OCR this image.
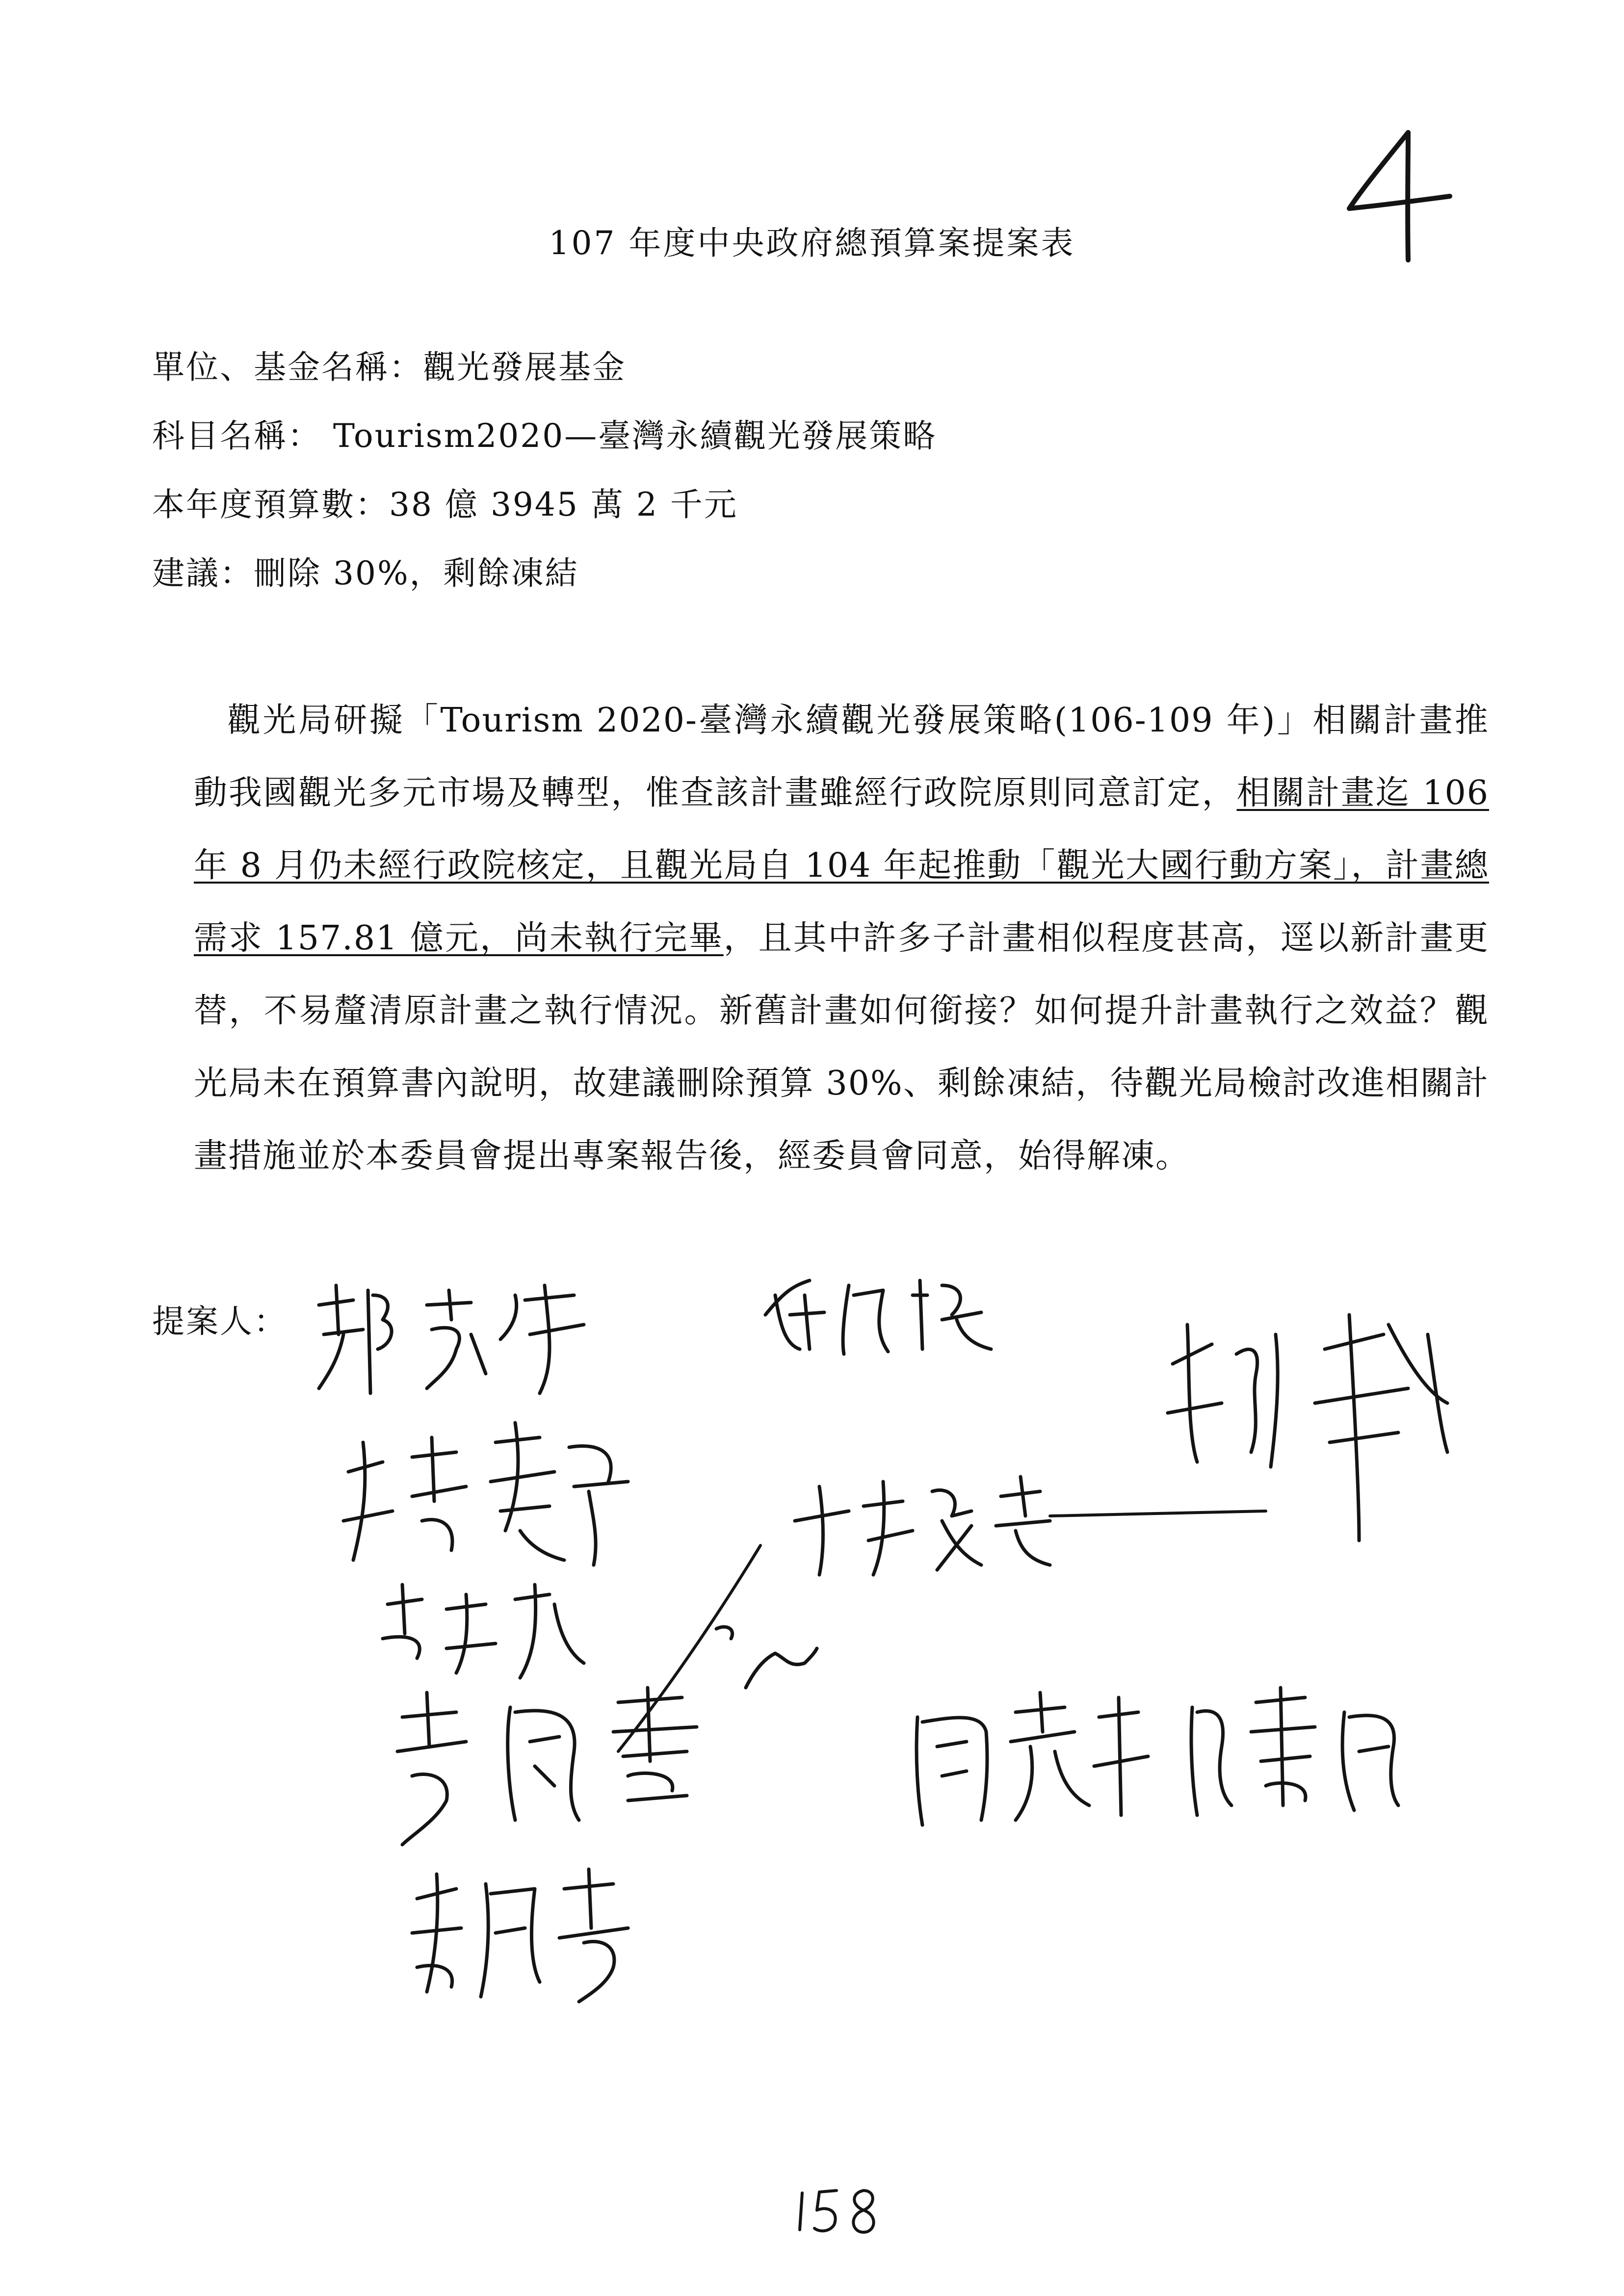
107 年度中央政府總預算案提案表
單位、基金名稱：觀光發展基金
科目名稱： Tourism2020—臺灣永續觀光發展策略
本年度預算數：38 億 3945 萬 2 千元
建議：刪除 30%，剩餘凍結
觀光局研擬「Tourism 2020-臺灣永續觀光發展策略(106-109 年)」相關計畫推動我國觀光多元市場及轉型，惟查該計畫雖經行政院原則同意訂定，相關計畫迄 106 年 8 月仍未經行政院核定，且觀光局自 104 年起推動「觀光大國行動方案」，計畫總需求 157.81 億元，尚未執行完畢，且其中許多子計畫相似程度甚高，逕以新計畫更替，不易釐清原計畫之執行情況。新舊計畫如何銜接？如何提升計畫執行之效益？觀光局未在預算書內說明，故建議刪除預算 30%、剩餘凍結，待觀光局檢討改進相關計畫措施並於本委員會提出專案報告後，經委員會同意，始得解凍。
提案人：
